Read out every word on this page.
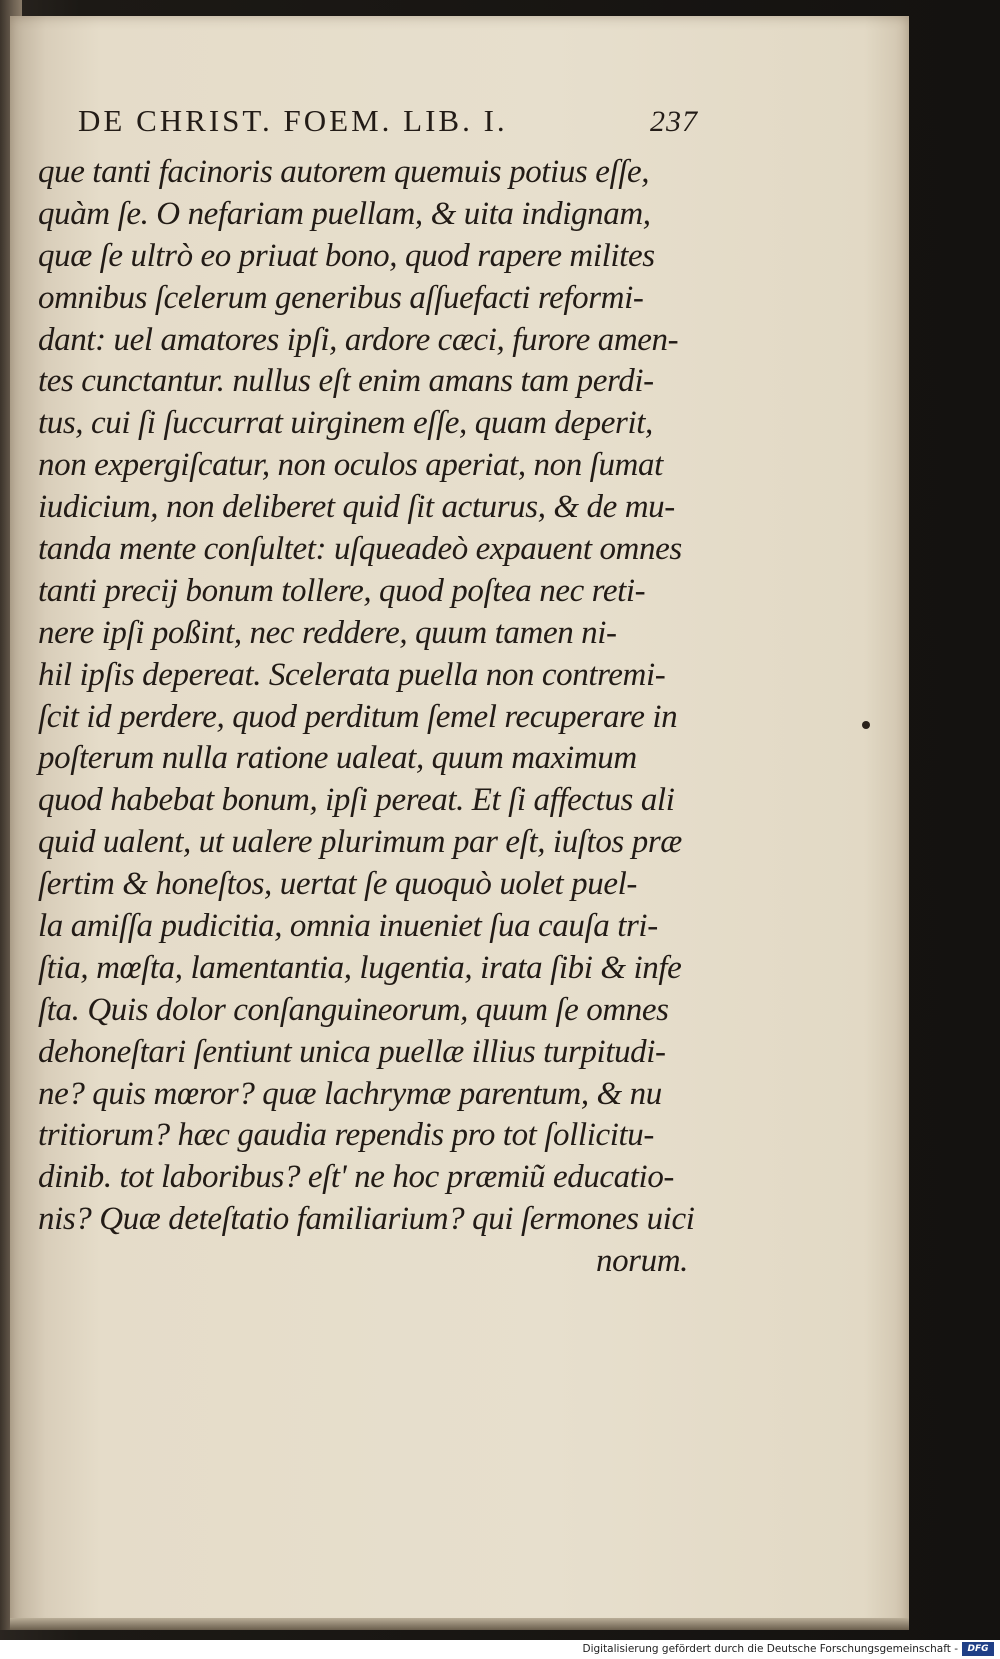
DE CHRIST. FOEM. LIB. I.	237
que tanti facinoris autorem quemuis potius eſſe,
quàm ſe. O nefariam puellam, & uita indignam,
quæ ſe ultrò eo priuat bono, quod rapere milites
omnibus ſcelerum generibus aſſuefacti reformi-
dant: uel amatores ipſi, ardore cæci, furore amen-
tes cunctantur. nullus eſt enim amans tam perdi-
tus, cui ſi ſuccurrat uirginem eſſe, quam deperit,
non expergiſcatur, non oculos aperiat, non ſumat
iudicium, non deliberet quid ſit acturus, & de mu-
tanda mente conſultet: uſqueadeò expauent omnes
tanti precij bonum tollere, quod poſtea nec reti-
nere ipſi poßint, nec reddere, quum tamen ni-
hil ipſis depereat. Scelerata puella non contremi-
ſcit id perdere, quod perditum ſemel recuperare in
poſterum nulla ratione ualeat, quum maximum
quod habebat bonum, ipſi pereat. Et ſi affectus ali
quid ualent, ut ualere plurimum par eſt, iuſtos præ
ſertim & honeſtos, uertat ſe quoquò uolet puel-
la amiſſa pudicitia, omnia inueniet ſua cauſa tri-
ſtia, mœſta, lamentantia, lugentia, irata ſibi & infe
ſta. Quis dolor conſanguineorum, quum ſe omnes
dehoneſtari ſentiunt unica puellæ illius turpitudi-
ne? quis mœror? quæ lachrymæ parentum, & nu
tritiorum? hæc gaudia rependis pro tot ſollicitu-
dinib. tot laboribus? eſt' ne hoc præmiũ educatio-
nis? Quæ deteſtatio familiarium? qui ſermones uici
norum.
Digitalisierung gefördert durch die Deutsche Forschungsgemeinschaft - DFG
